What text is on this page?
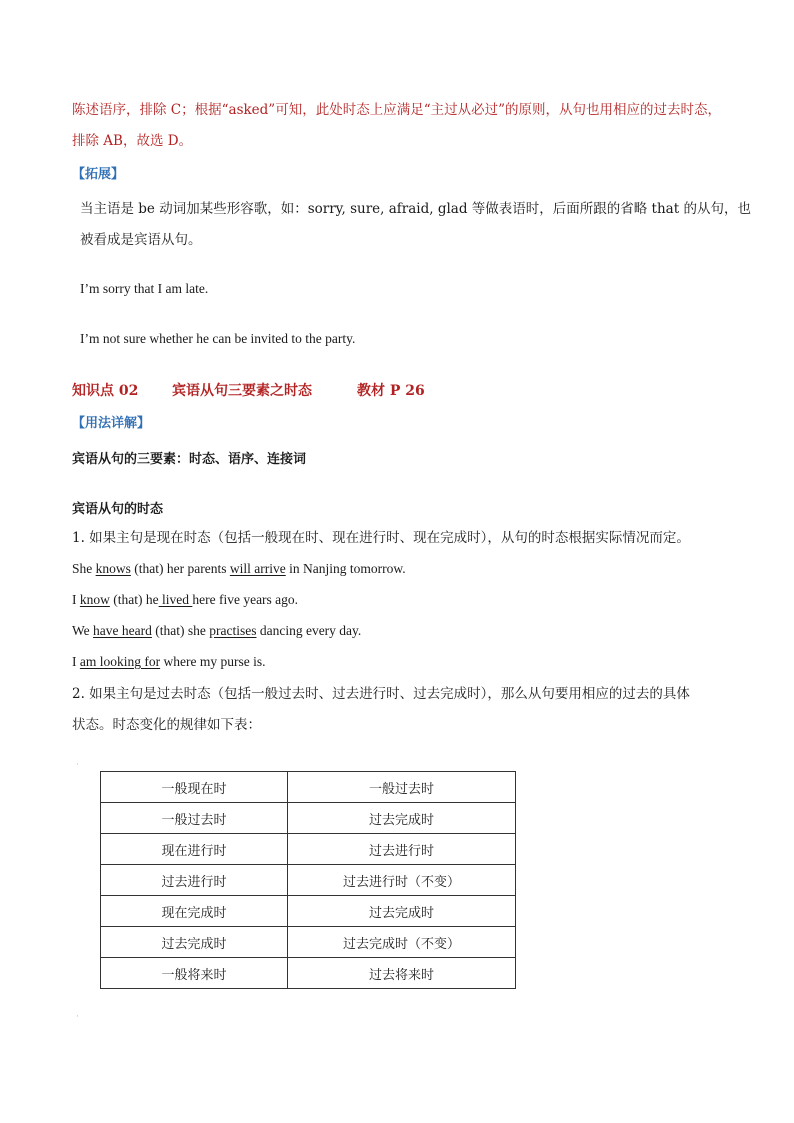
陈述语序，排除 C；根据“asked”可知，此处时态上应满足“主过从必过”的原则，从句也用相应的过去时态，
排除 AB，故选 D。
【拓展】
当主语是 be 动词加某些形容歌，如：sorry, sure, afraid, glad 等做表语时，后面所跟的省略 that 的从句，也
被看成是宾语从句。
I’m sorry that I am late.
I’m not sure whether he can be invited to the party.
知识点 02 宾语从句三要素之时态	教材 P 26
【用法详解】
宾语从句的三要素：时态、语序、连接词
宾语从句的时态
1. 如果主句是现在时态（包括一般现在时、现在进行时、现在完成时），从句的时态根据实际情况而定。
She knows (that) her parents will arrive in Nanjing tomorrow.
I know (that) he lived here five years ago.
We have heard (that) she practises dancing every day.
I am looking for where my purse is.
2. 如果主句是过去时态（包括一般过去时、过去进行时、过去完成时），那么从句要用相应的过去的具体
状态。时态变化的规律如下表：
一般现在时	一般过去时
一般过去时	过去完成时
现在进行时	过去进行时
过去进行时	过去进行时（不变）
现在完成时	过去完成时
过去完成时	过去完成时（不变）
一般将来时	过去将来时
·
·
